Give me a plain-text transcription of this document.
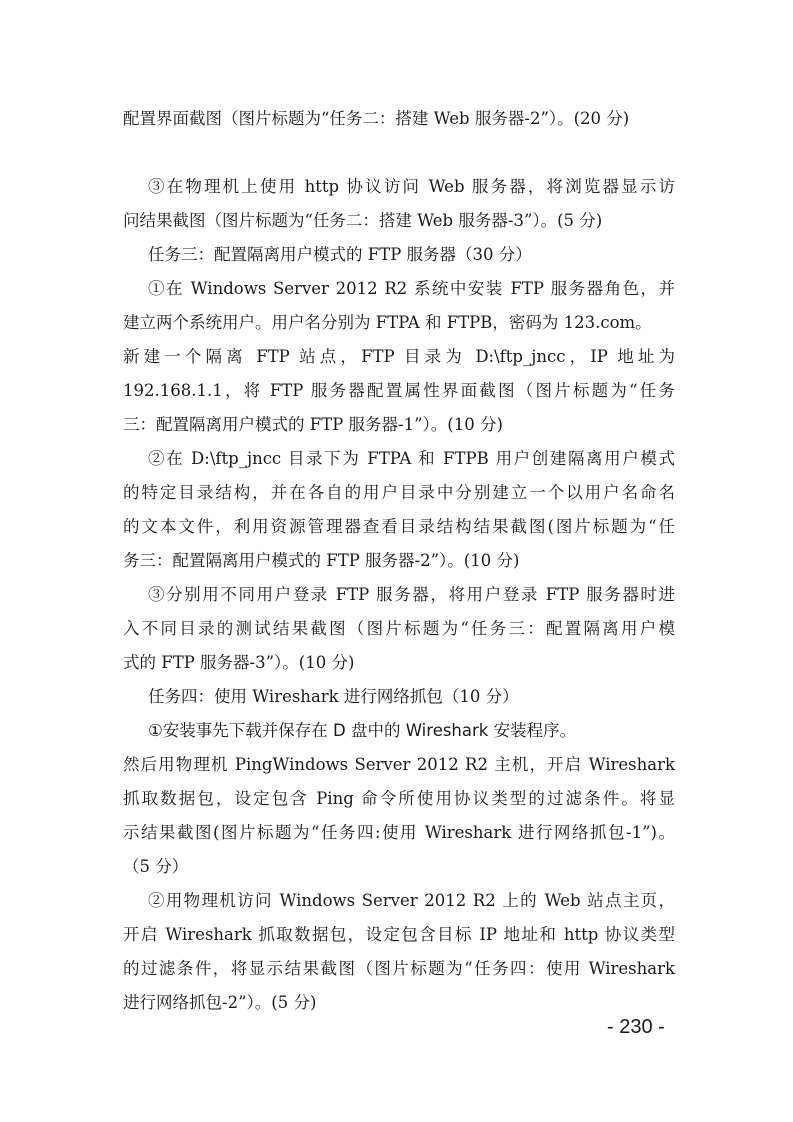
配置界面截图（图片标题为“任务二：搭建 Web 服务器-2”）。(20 分)

③在物理机上使用 http 协议访问 Web 服务器，将浏览器显示访

问结果截图（图片标题为“任务二：搭建 Web 服务器-3”）。(5 分)

任务三：配置隔离用户模式的 FTP 服务器（30 分）

①在 Windows Server 2012 R2 系统中安装 FTP 服务器角色，并

建立两个系统用户。用户名分别为 FTPA 和 FTPB，密码为 123.com。

新建一个隔离 FTP 站点，FTP 目录为 D:\ftp_jncc，IP 地址为

192.168.1.1，将 FTP 服务器配置属性界面截图（图片标题为“任务

三：配置隔离用户模式的 FTP 服务器-1”）。(10 分)

②在 D:\ftp_jncc 目录下为 FTPA 和 FTPB 用户创建隔离用户模式

的特定目录结构，并在各自的用户目录中分别建立一个以用户名命名

的文本文件，利用资源管理器查看目录结构结果截图(图片标题为“任

务三：配置隔离用户模式的 FTP 服务器-2”）。(10 分)

③分别用不同用户登录 FTP 服务器，将用户登录 FTP 服务器时进

入不同目录的测试结果截图（图片标题为“任务三：配置隔离用户模

式的 FTP 服务器-3”）。(10 分)

任务四：使用 Wireshark 进行网络抓包（10 分）

①安装事先下载并保存在 D 盘中的 Wireshark 安装程序。

然后用物理机 PingWindows Server 2012 R2 主机，开启 Wireshark

抓取数据包，设定包含 Ping 命令所使用协议类型的过滤条件。将显

示结果截图(图片标题为“任务四:使用 Wireshark 进行网络抓包-1”)。

（5 分）

②用物理机访问 Windows Server 2012 R2 上的 Web 站点主页，

开启 Wireshark 抓取数据包，设定包含目标 IP 地址和 http 协议类型

的过滤条件，将显示结果截图（图片标题为“任务四：使用 Wireshark

进行网络抓包-2”）。(5 分)

- 230 -
